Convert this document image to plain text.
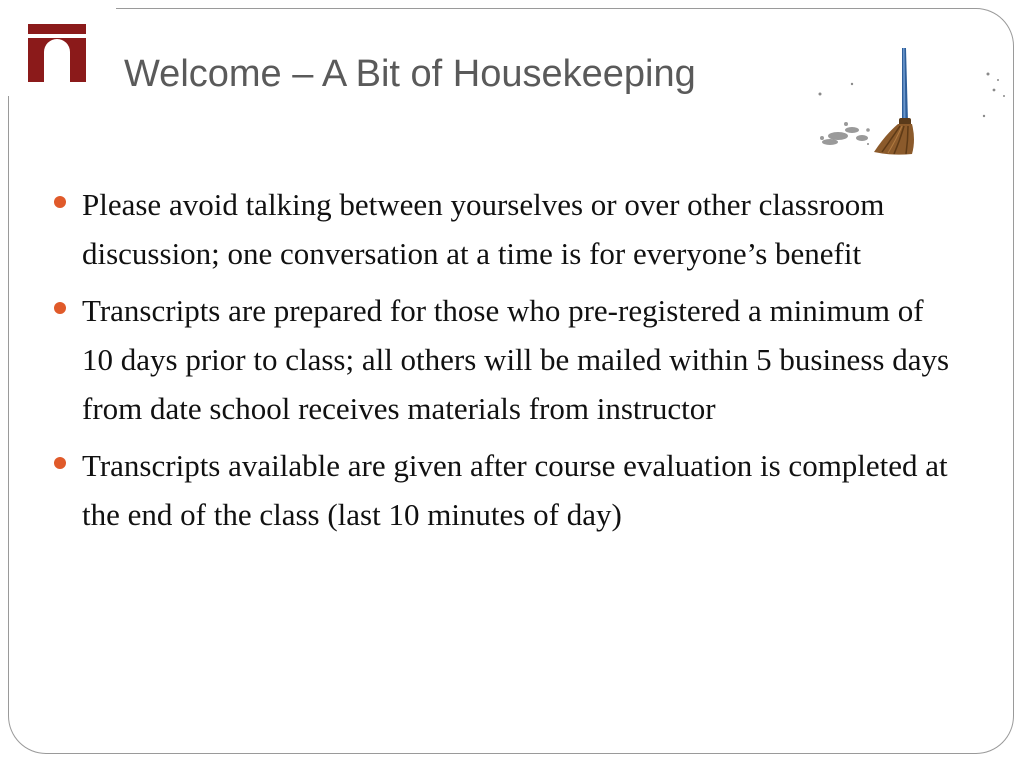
Welcome – A Bit of Housekeeping
Please avoid talking between yourselves or over other classroom discussion; one conversation at a time is for everyone’s benefit
Transcripts are prepared for those who pre-registered a minimum of 10 days prior to class; all others will be mailed within 5 business days from date school receives materials from instructor
Transcripts available are given after course evaluation is completed at the end of the class (last 10 minutes of day)
